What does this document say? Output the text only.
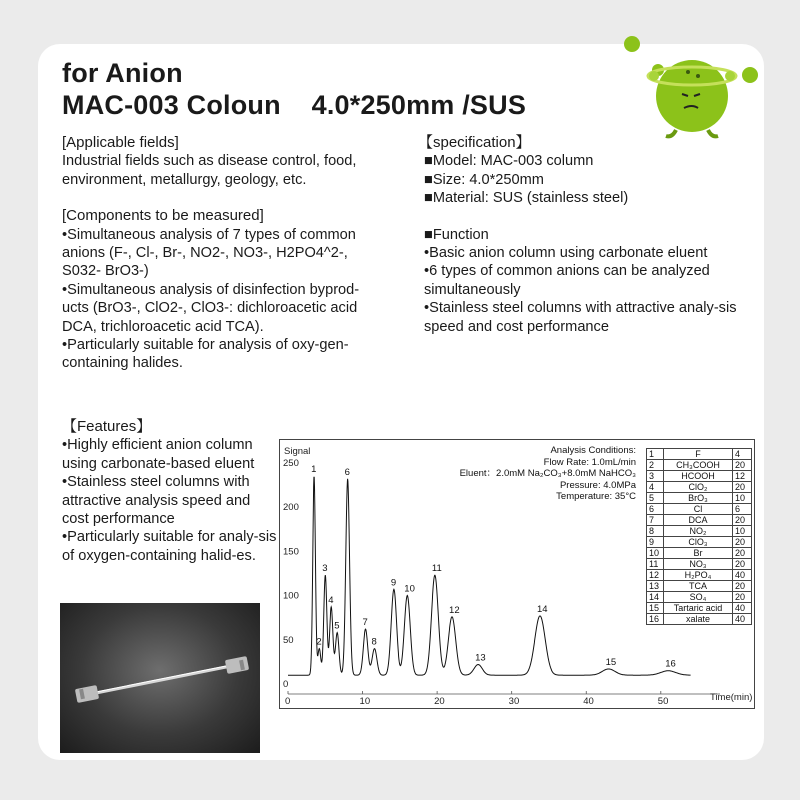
for Anion
MAC-003 Coloun    4.0*250mm /SUS

[Applicable fields]

Industrial fields such as disease control, food, environment, metallurgy, geology, etc.

[Components to be measured]

•Simultaneous analysis of 7 types of common anions (F-, Cl-, Br-, NO2-, NO3-, H2PO4^2-, S032- BrO3-)

•Simultaneous analysis of disinfection byprod-ucts (BrO3-, ClO2-, ClO3-: dichloroacetic acid DCA, trichloroacetic acid TCA).

•Particularly suitable for analysis of oxy-gen-containing halides.

【specification】

■Model: MAC-003 column

■Size: 4.0*250mm

■Material: SUS (stainless steel)

■Function

•Basic anion column using carbonate eluent

•6 types of common anions can be analyzed simultaneously

•Stainless steel columns with attractive analy-sis speed and cost performance

【Features】

•Highly efficient anion column using carbonate-based eluent

•Stainless steel columns with attractive analysis speed and cost performance

•Particularly suitable for analy-sis of oxygen-containing halid-es.

Signal
0
50
100
150
200
250
0	10	20	30	40	50	Time(min)
1
2
3
4
5
6
7
8
9
10
11
12
13
14
15	16

Analysis Conditions:

Flow Rate: 1.0mL/min

Eluent：2.0mM Na₂CO₃+8.0mM NaHCO₃

Pressure: 4.0MPa

Temperature: 35°C

1	F	4
2	CH₃COOH	20
3	HCOOH	12
4	ClO₂	20
5	BrO₃	10
6	Cl	6
7	DCA	20
8	NO₂	10
9	ClO₃	20
10	Br	20
11	NO₃	20
12	H₂PO₄	40
13	TCA	20
14	SO₄	20
15	Tartaric acid	40
16	xalate	40
